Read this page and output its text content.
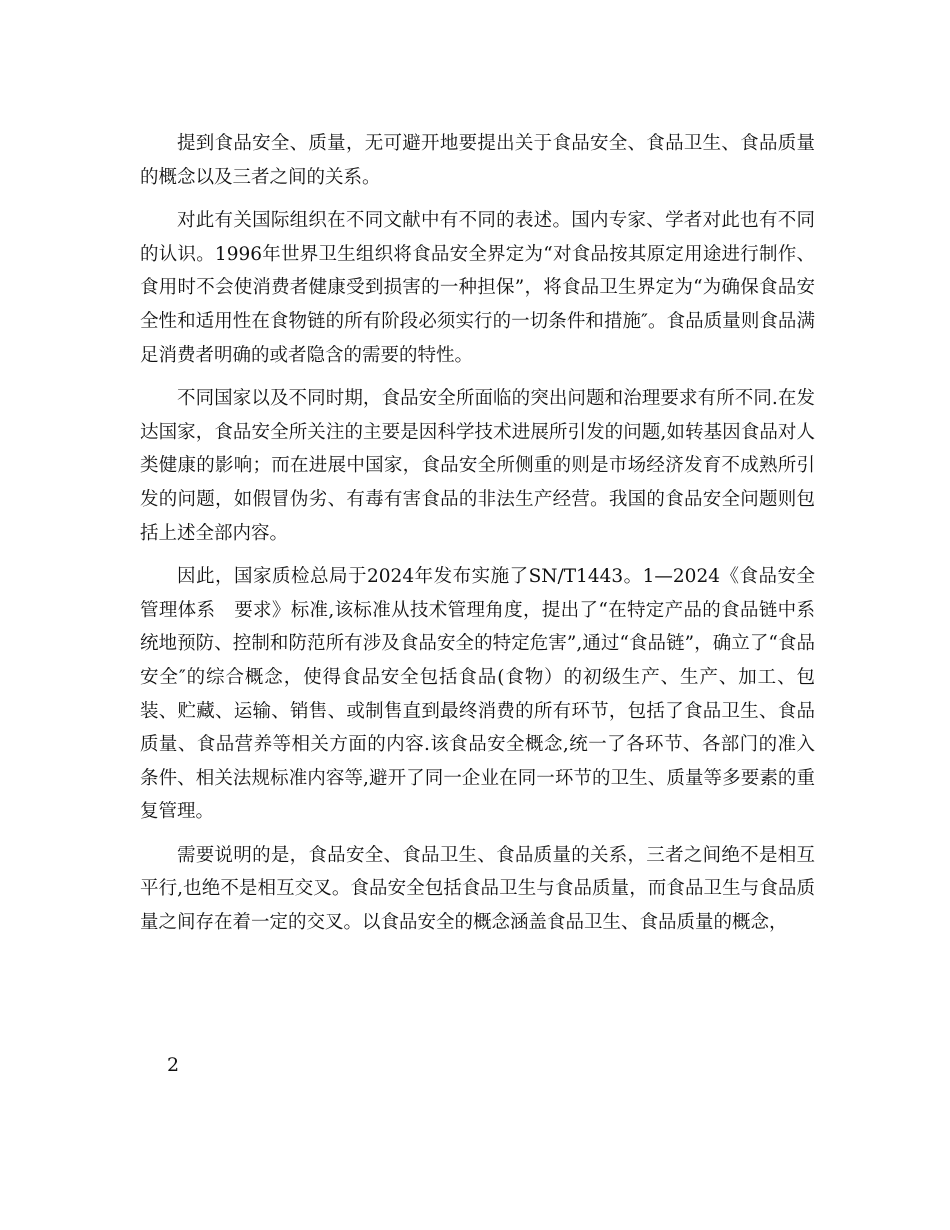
提到食品安全、质量，无可避开地要提出关于食品安全、食品卫生、食品质量的概念以及三者之间的关系。

对此有关国际组织在不同文献中有不同的表述。国内专家、学者对此也有不同的认识。1996年世界卫生组织将食品安全界定为“对食品按其原定用途进行制作、食用时不会使消费者健康受到损害的一种担保”，将食品卫生界定为“为确保食品安全性和适用性在食物链的所有阶段必须实行的一切条件和措施″。食品质量则食品满足消费者明确的或者隐含的需要的特性。

不同国家以及不同时期，食品安全所面临的突出问题和治理要求有所不同.在发达国家，食品安全所关注的主要是因科学技术进展所引发的问题,如转基因食品对人类健康的影响；而在进展中国家，食品安全所侧重的则是市场经济发育不成熟所引发的问题，如假冒伪劣、有毒有害食品的非法生产经营。我国的食品安全问题则包括上述全部内容。

因此，国家质检总局于2024年发布实施了SN/T1443。1—2024《食品安全管理体系　要求》标准,该标准从技术管理角度，提出了“在特定产品的食品链中系统地预防、控制和防范所有涉及食品安全的特定危害”,通过“食品链”，确立了“食品安全″的综合概念，使得食品安全包括食品(食物）的初级生产、生产、加工、包装、贮藏、运输、销售、或制售直到最终消费的所有环节，包括了食品卫生、食品质量、食品营养等相关方面的内容.该食品安全概念,统一了各环节、各部门的准入条件、相关法规标准内容等,避开了同一企业在同一环节的卫生、质量等多要素的重复管理。

需要说明的是，食品安全、食品卫生、食品质量的关系，三者之间绝不是相互平行,也绝不是相互交叉。食品安全包括食品卫生与食品质量，而食品卫生与食品质量之间存在着一定的交叉。以食品安全的概念涵盖食品卫生、食品质量的概念，

2
